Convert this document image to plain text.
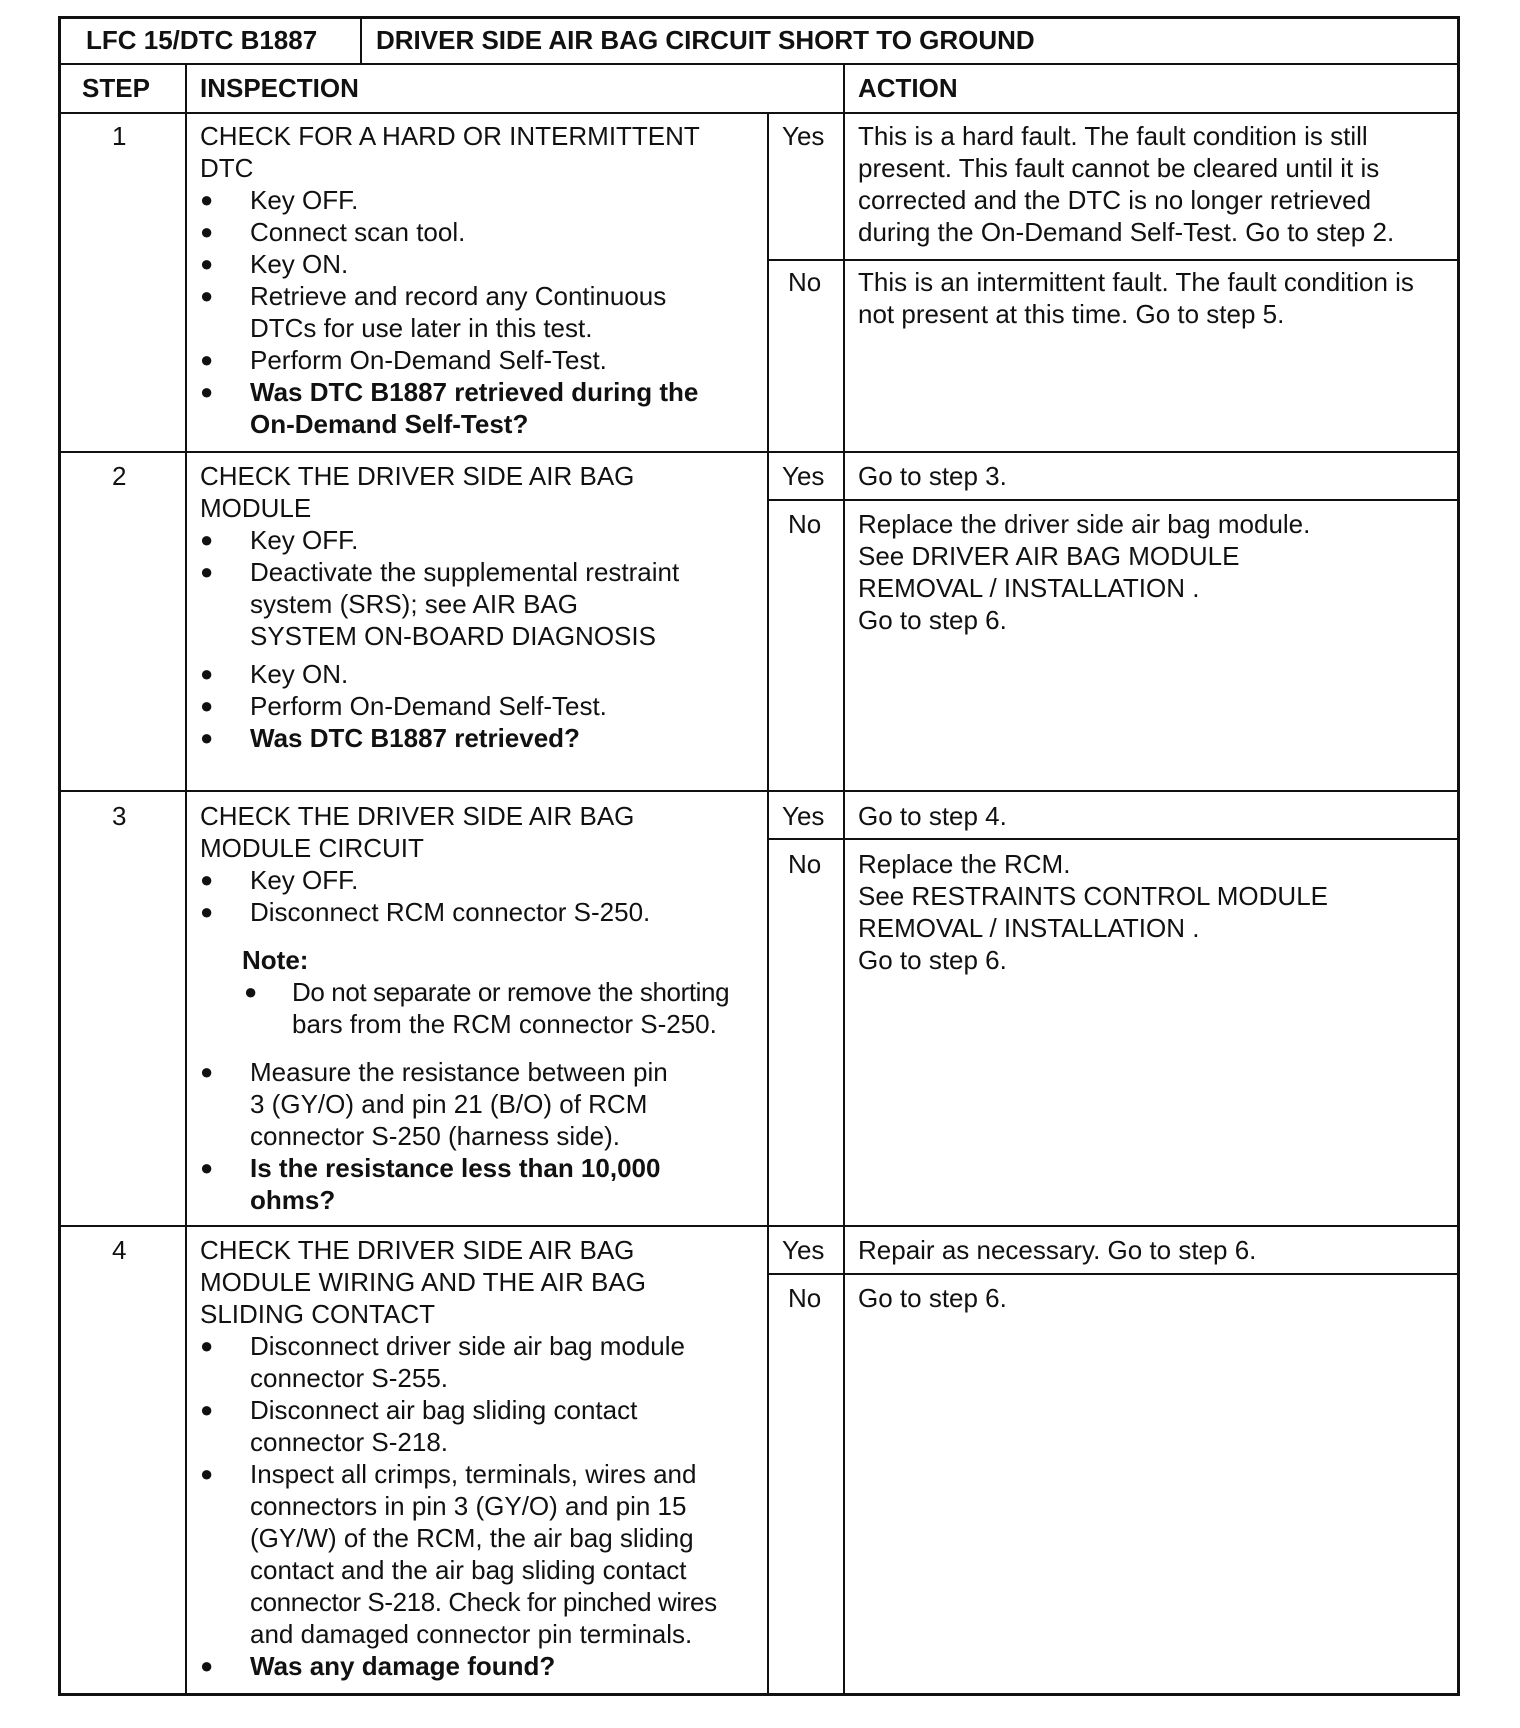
LFC 15/DTC B1887 DRIVER SIDE AIR BAG CIRCUIT SHORT TO GROUND
STEP INSPECTION	ACTION
1	CHECK FOR A HARD OR INTERMITTENT
DTC
● Key OFF.
● Connect scan tool.
● Key ON.
● Retrieve and record any Continuous
DTCs for use later in this test.
● Perform On-Demand Self-Test.
● Was DTC B1887 retrieved during the
On-Demand Self-Test?
Yes This is a hard fault. The fault condition is still
present. This fault cannot be cleared until it is
corrected and the DTC is no longer retrieved
during the On-Demand Self-Test. Go to step 2.
No This is an intermittent fault. The fault condition is
not present at this time. Go to step 5.
2	CHECK THE DRIVER SIDE AIR BAG
MODULE
● Key OFF.
● Deactivate the supplemental restraint
system (SRS); see AIR BAG
SYSTEM ON-BOARD DIAGNOSIS
● Key ON.
● Perform On-Demand Self-Test.
● Was DTC B1887 retrieved?
Yes Go to step 3.
No Replace the driver side air bag module.
See DRIVER AIR BAG MODULE
REMOVAL / INSTALLATION .
Go to step 6.
3	CHECK THE DRIVER SIDE AIR BAG
MODULE CIRCUIT
● Key OFF.
● Disconnect RCM connector S-250.
Note:
● Do not separate or remove the shorting
bars from the RCM connector S-250.
● Measure the resistance between pin
3 (GY/O) and pin 21 (B/O) of RCM
connector S-250 (harness side).
● Is the resistance less than 10,000
ohms?
Yes Go to step 4.
No Replace the RCM.
See RESTRAINTS CONTROL MODULE
REMOVAL / INSTALLATION .
Go to step 6.
4	CHECK THE DRIVER SIDE AIR BAG
MODULE WIRING AND THE AIR BAG
SLIDING CONTACT
● Disconnect driver side air bag module
connector S-255.
● Disconnect air bag sliding contact
connector S-218.
● Inspect all crimps, terminals, wires and
connectors in pin 3 (GY/O) and pin 15
(GY/W) of the RCM, the air bag sliding
contact and the air bag sliding contact
connector S-218. Check for pinched wires
and damaged connector pin terminals.
● Was any damage found?
Yes Repair as necessary. Go to step 6.
No Go to step 6.
